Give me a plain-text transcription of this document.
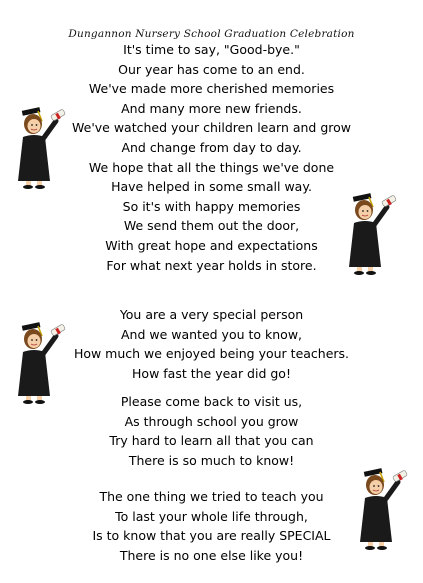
Dungannon Nursery School Graduation Celebration
It's time to say, "Good-bye."
Our year has come to an end.
We've made more cherished memories
And many more new friends.
We've watched your children learn and grow
And change from day to day.
We hope that all the things we've done
Have helped in some small way.
So it's with happy memories
We send them out the door,
With great hope and expectations
For what next year holds in store.
You are a very special person
And we wanted you to know,
How much we enjoyed being your teachers.
How fast the year did go!
Please come back to visit us,
As through school you grow
Try hard to learn all that you can
There is so much to know!
The one thing we tried to teach you
To last your whole life through,
Is to know that you are really SPECIAL
There is no one else like you!
